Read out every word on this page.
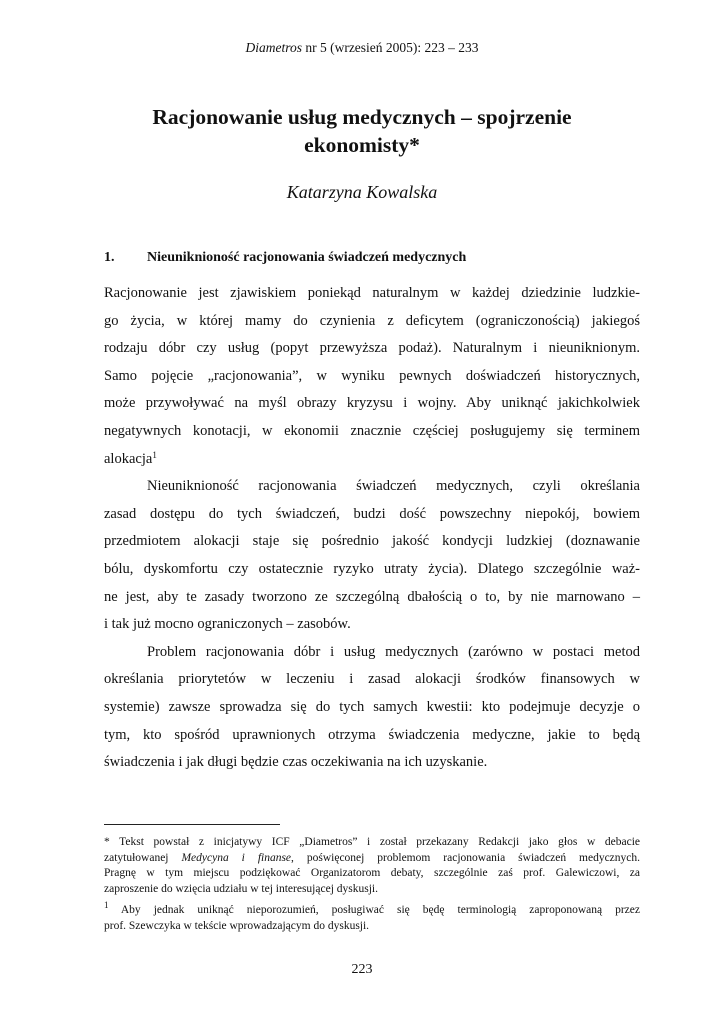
Diametros nr 5 (wrzesień 2005): 223 – 233
Racjonowanie usług medycznych – spojrzenie
ekonomisty*
Katarzyna Kowalska
1. Nieuniknioność racjonowania świadczeń medycznych
Racjonowanie jest zjawiskiem poniekąd naturalnym w każdej dziedzinie ludzkie-
go życia, w której mamy do czynienia z deficytem (ograniczonością) jakiegoś
rodzaju dóbr czy usług (popyt przewyższa podaż). Naturalnym i nieuniknionym.
Samo pojęcie „racjonowania”, w wyniku pewnych doświadczeń historycznych,
może przywoływać na myśl obrazy kryzysu i wojny. Aby uniknąć jakichkolwiek
negatywnych konotacji, w ekonomii znacznie częściej posługujemy się terminem
alokacja$^1$
Nieuniknioność racjonowania świadczeń medycznych, czyli określania
zasad dostępu do tych świadczeń, budzi dość powszechny niepokój, bowiem
przedmiotem alokacji staje się pośrednio jakość kondycji ludzkiej (doznawanie
bólu, dyskomfortu czy ostatecznie ryzyko utraty życia). Dlatego szczególnie waż-
ne jest, aby te zasady tworzono ze szczególną dbałością o to, by nie marnowano –
i tak już mocno ograniczonych – zasobów.
Problem racjonowania dóbr i usług medycznych (zarówno w postaci metod
określania priorytetów w leczeniu i zasad alokacji środków finansowych w
systemie) zawsze sprowadza się do tych samych kwestii: kto podejmuje decyzje o
tym, kto spośród uprawnionych otrzyma świadczenia medyczne, jakie to będą
świadczenia i jak długi będzie czas oczekiwania na ich uzyskanie.
* Tekst powstał z inicjatywy ICF „Diametros” i został przekazany Redakcji jako głos w debacie
zatytułowanej Medycyna i finanse, poświęconej problemom racjonowania świadczeń medycznych.
Pragnę w tym miejscu podziękować Organizatorom debaty, szczególnie zaś prof. Galewiczowi, za
zaproszenie do wzięcia udziału w tej interesującej dyskusji.
$^1$ Aby jednak uniknąć nieporozumień, posługiwać się będę terminologią zaproponowaną przez
prof. Szewczyka w tekście wprowadzającym do dyskusji.
223
